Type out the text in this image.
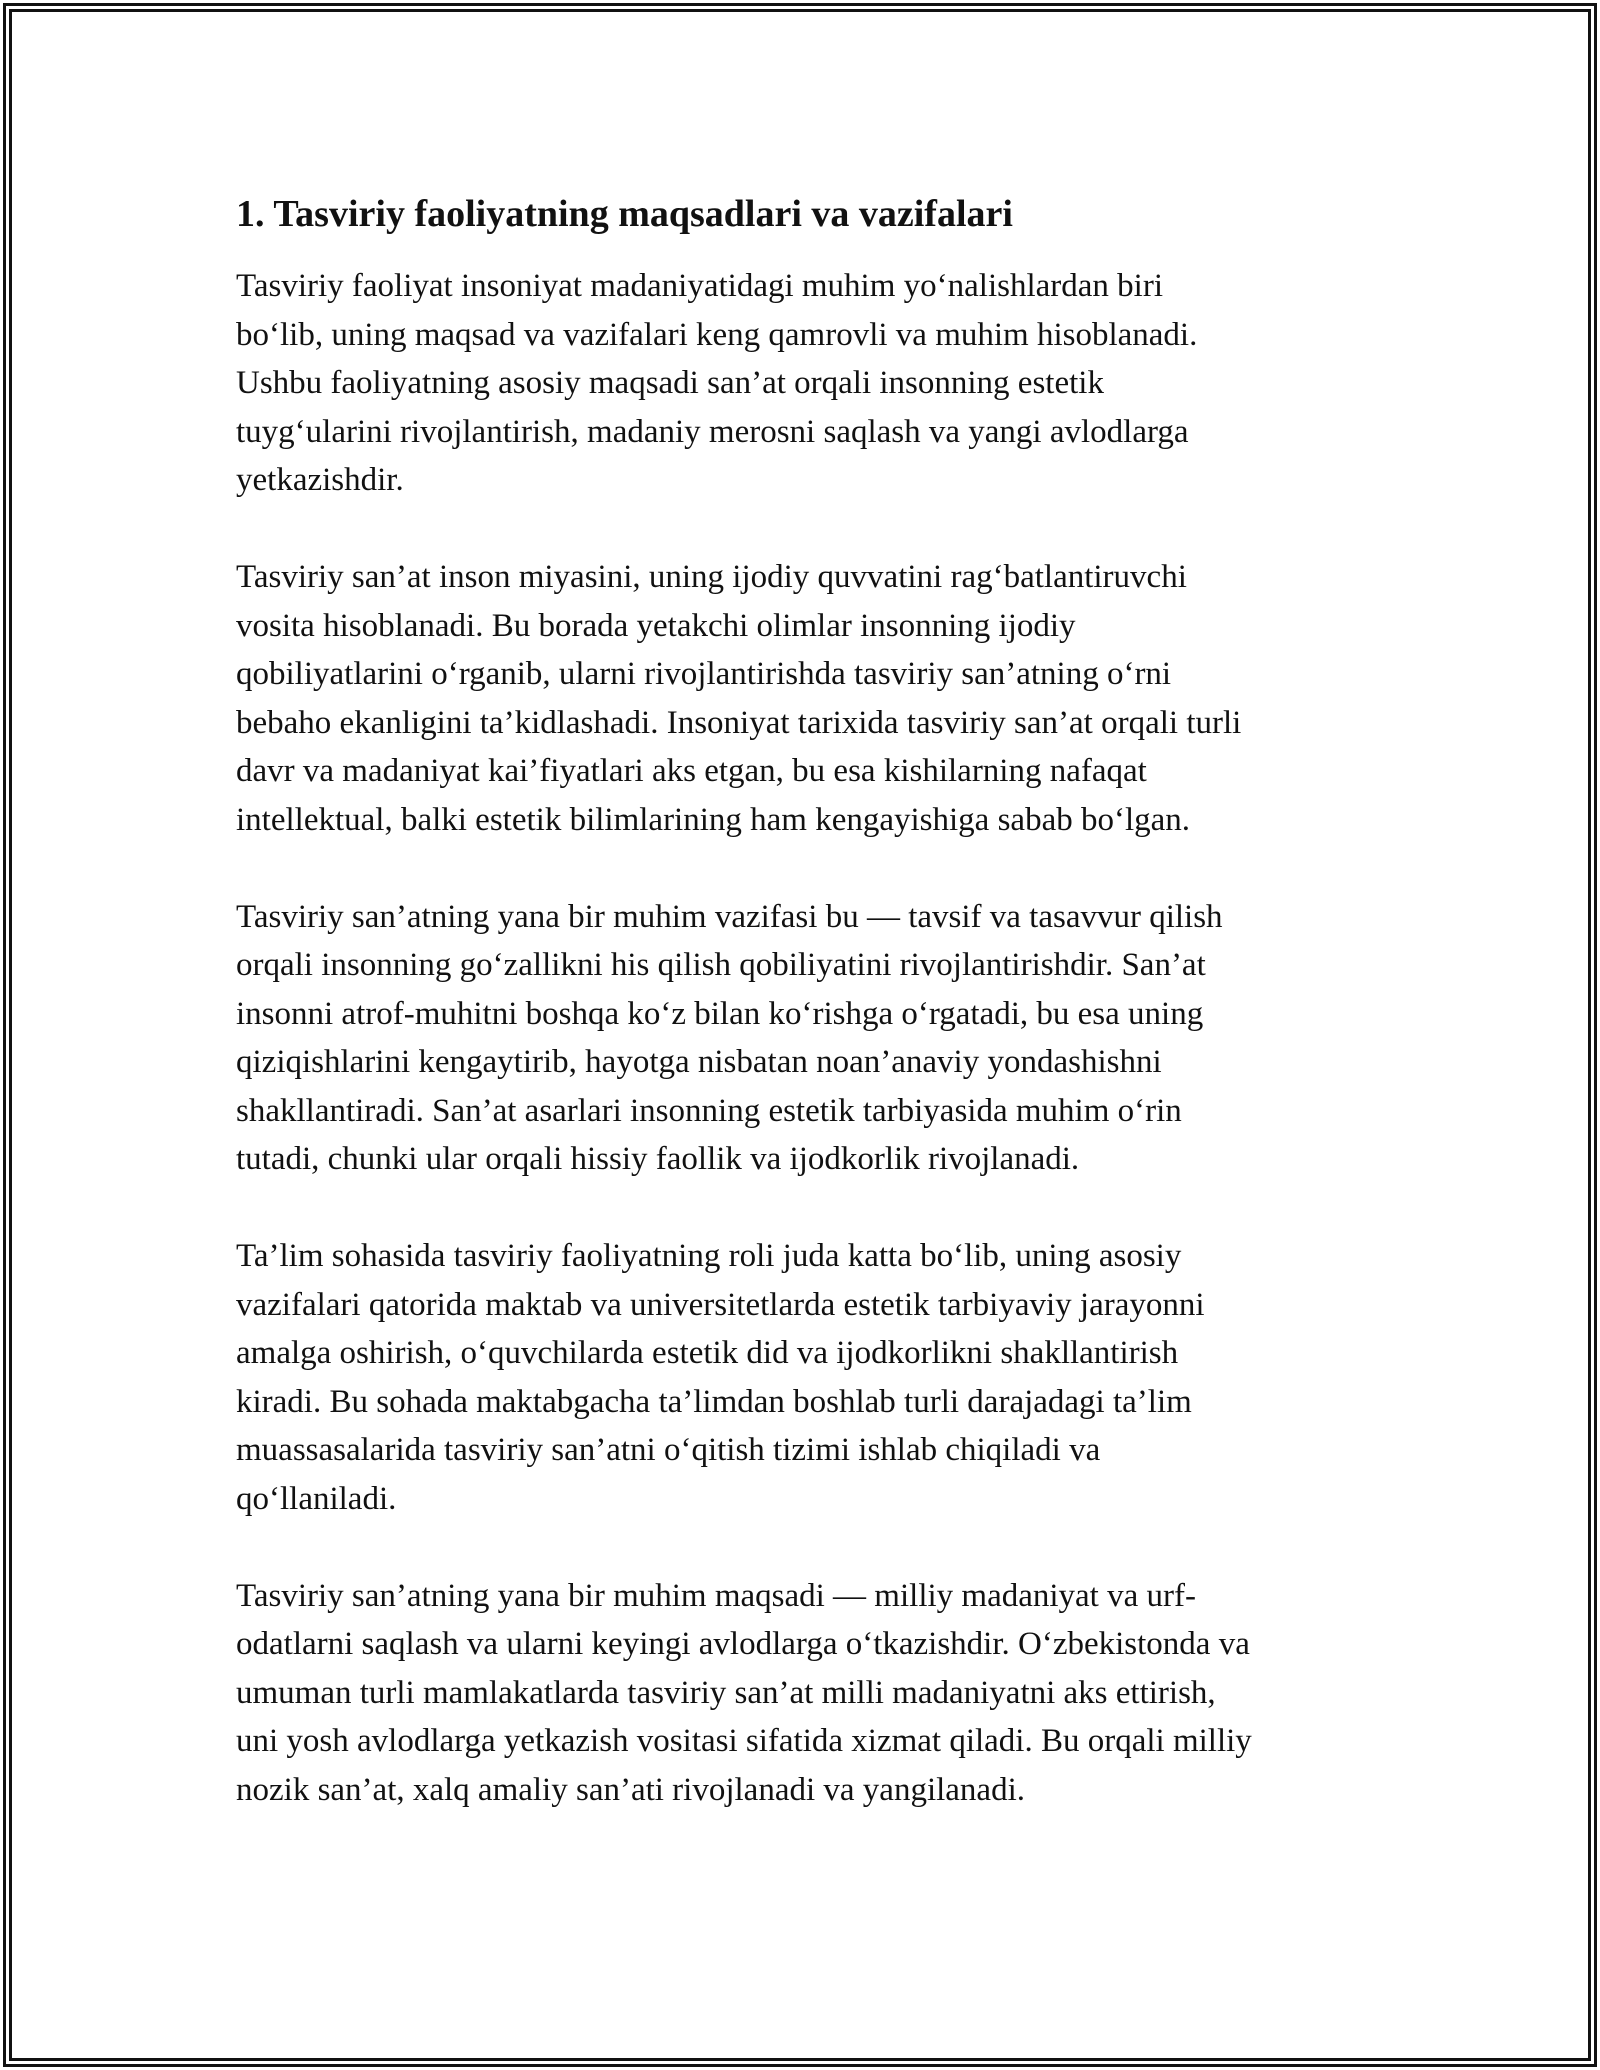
1. Tasviriy faoliyatning maqsadlari va vazifalari

Tasviriy faoliyat insoniyat madaniyatidagi muhim yo‘nalishlardan biri
bo‘lib, uning maqsad va vazifalari keng qamrovli va muhim hisoblanadi.
Ushbu faoliyatning asosiy maqsadi san’at orqali insonning estetik
tuyg‘ularini rivojlantirish, madaniy merosni saqlash va yangi avlodlarga
yetkazishdir.

Tasviriy san’at inson miyasini, uning ijodiy quvvatini rag‘batlantiruvchi
vosita hisoblanadi. Bu borada yetakchi olimlar insonning ijodiy
qobiliyatlarini o‘rganib, ularni rivojlantirishda tasviriy san’atning o‘rni
bebaho ekanligini ta’kidlashadi. Insoniyat tarixida tasviriy san’at orqali turli
davr va madaniyat kai’fiyatlari aks etgan, bu esa kishilarning nafaqat
intellektual, balki estetik bilimlarining ham kengayishiga sabab bo‘lgan.

Tasviriy san’atning yana bir muhim vazifasi bu — tavsif va tasavvur qilish
orqali insonning go‘zallikni his qilish qobiliyatini rivojlantirishdir. San’at
insonni atrof-muhitni boshqa ko‘z bilan ko‘rishga o‘rgatadi, bu esa uning
qiziqishlarini kengaytirib, hayotga nisbatan noan’anaviy yondashishni
shakllantiradi. San’at asarlari insonning estetik tarbiyasida muhim o‘rin
tutadi, chunki ular orqali hissiy faollik va ijodkorlik rivojlanadi.

Ta’lim sohasida tasviriy faoliyatning roli juda katta bo‘lib, uning asosiy
vazifalari qatorida maktab va universitetlarda estetik tarbiyaviy jarayonni
amalga oshirish, o‘quvchilarda estetik did va ijodkorlikni shakllantirish
kiradi. Bu sohada maktabgacha ta’limdan boshlab turli darajadagi ta’lim
muassasalarida tasviriy san’atni o‘qitish tizimi ishlab chiqiladi va
qo‘llaniladi.

Tasviriy san’atning yana bir muhim maqsadi — milliy madaniyat va urf-
odatlarni saqlash va ularni keyingi avlodlarga o‘tkazishdir. O‘zbekistonda va
umuman turli mamlakatlarda tasviriy san’at milli madaniyatni aks ettirish,
uni yosh avlodlarga yetkazish vositasi sifatida xizmat qiladi. Bu orqali milliy
nozik san’at, xalq amaliy san’ati rivojlanadi va yangilanadi.
